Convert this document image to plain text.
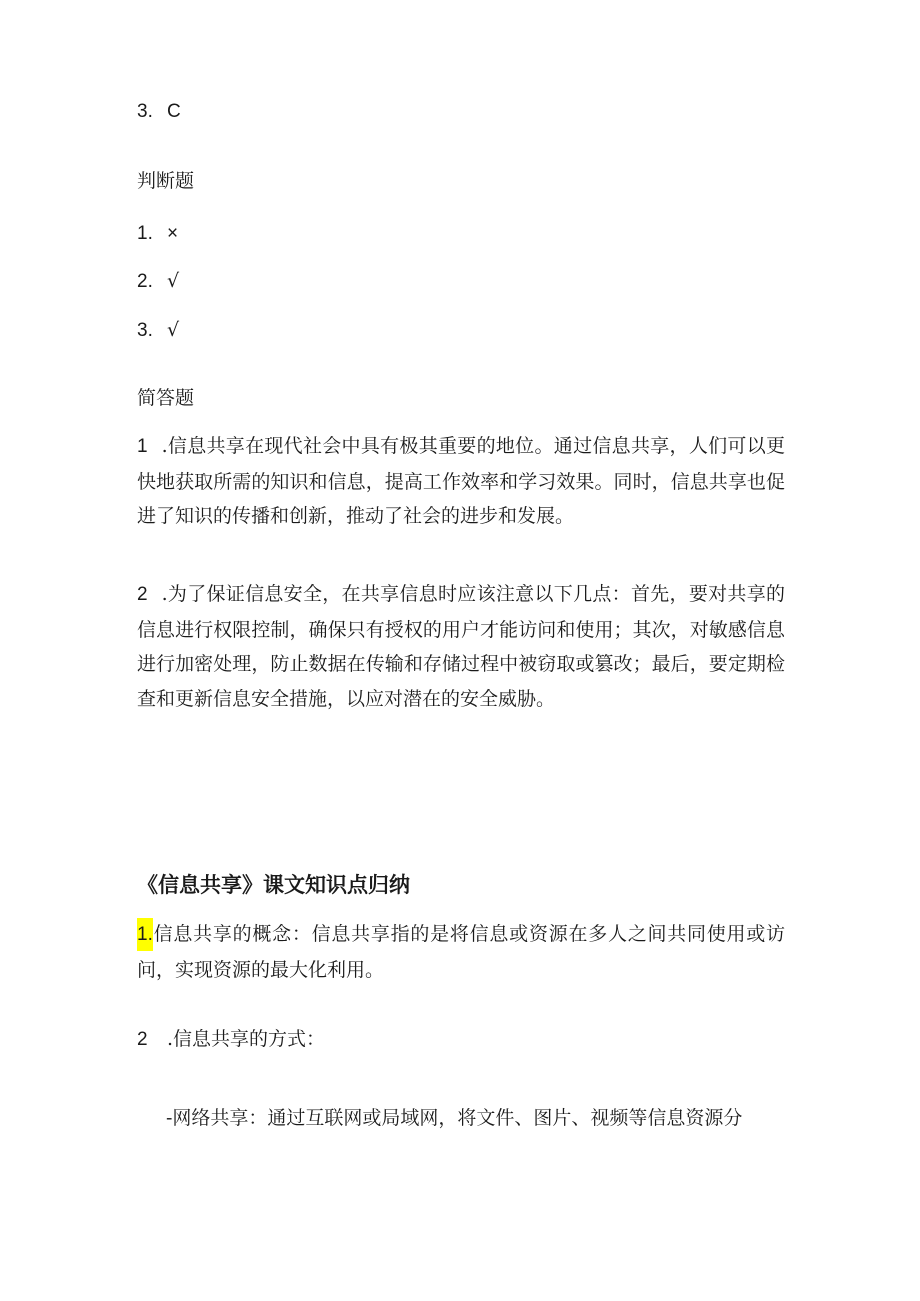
3. C
判断题
1. ×
2. √
3. √
简答题
1 .信息共享在现代社会中具有极其重要的地位。通过信息共享，人们可以更快地获取所需的知识和信息，提高工作效率和学习效果。同时，信息共享也促进了知识的传播和创新，推动了社会的进步和发展。
2 .为了保证信息安全，在共享信息时应该注意以下几点：首先，要对共享的信息进行权限控制，确保只有授权的用户才能访问和使用；其次，对敏感信息进行加密处理，防止数据在传输和存储过程中被窃取或篡改；最后，要定期检查和更新信息安全措施，以应对潜在的安全威胁。
《信息共享》课文知识点归纳
1.信息共享的概念：信息共享指的是将信息或资源在多人之间共同使用或访问，实现资源的最大化利用。
2 .信息共享的方式：
-网络共享：通过互联网或局域网，将文件、图片、视频等信息资源分
